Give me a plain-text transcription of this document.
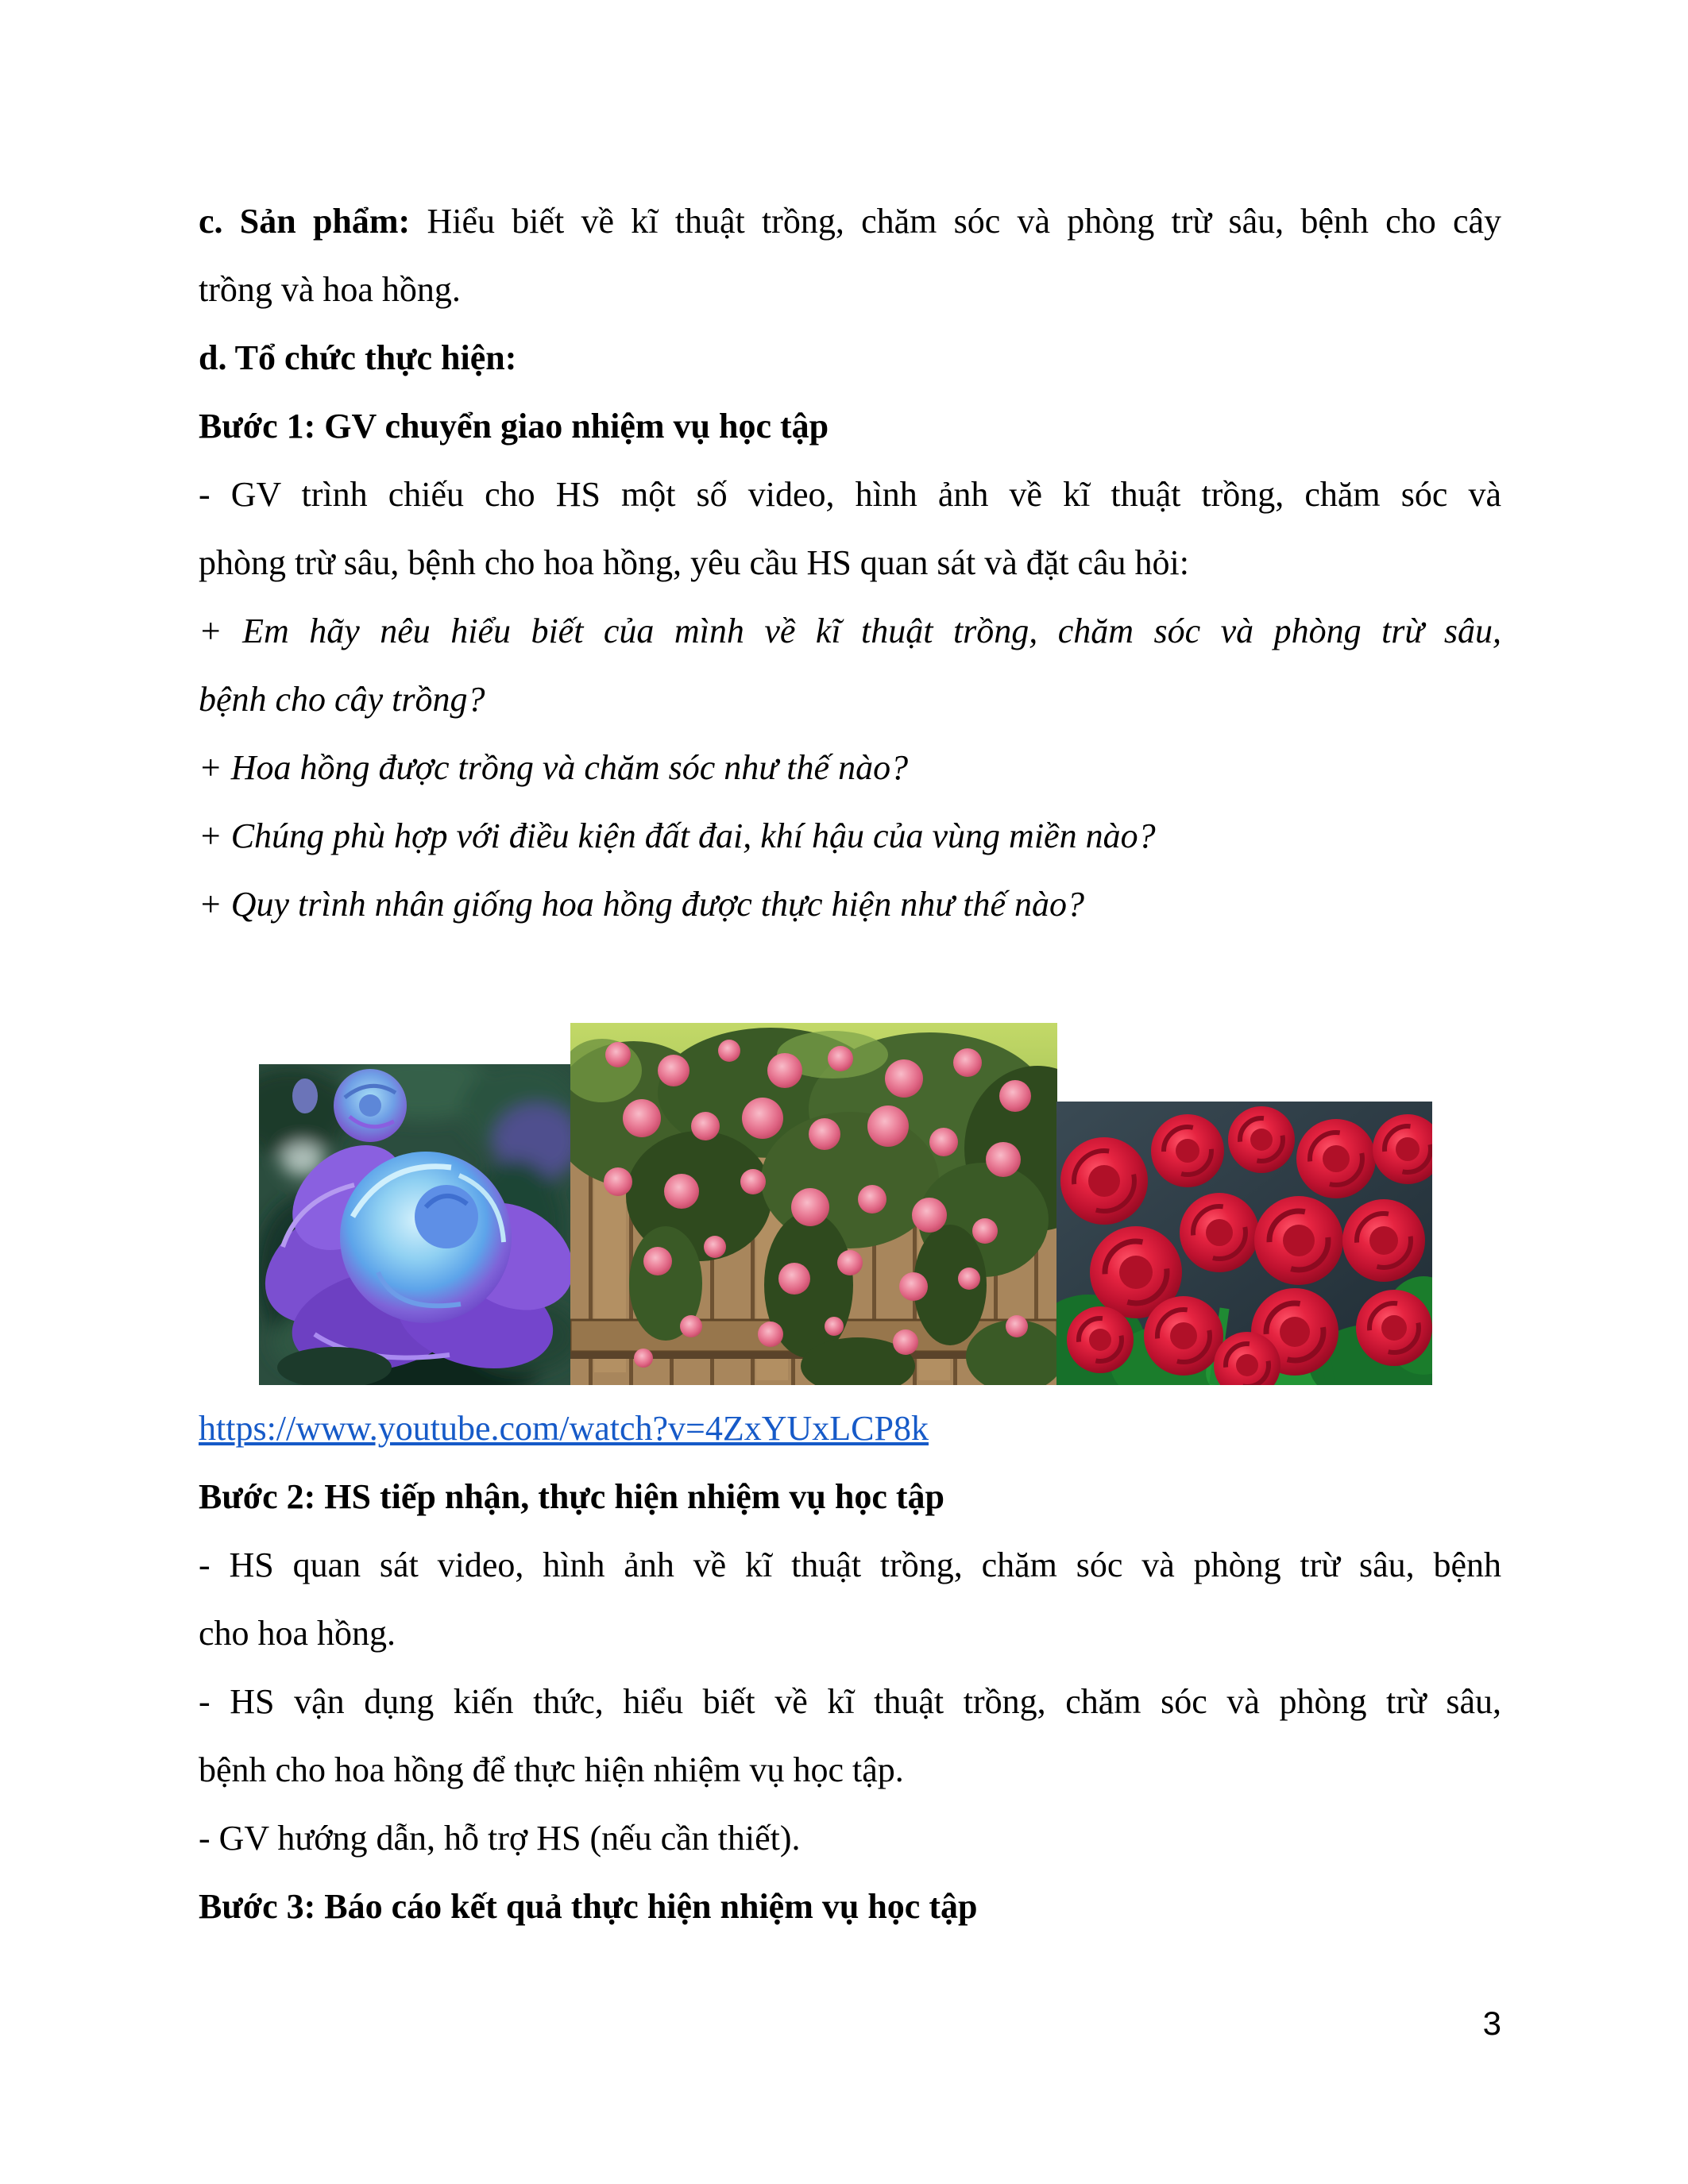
c. Sản phẩm: Hiểu biết về kĩ thuật trồng, chăm sóc và phòng trừ sâu, bệnh cho cây
trồng và hoa hồng.
d. Tổ chức thực hiện:
Bước 1: GV chuyển giao nhiệm vụ học tập
- GV trình chiếu cho HS một số video, hình ảnh về kĩ thuật trồng, chăm sóc và
phòng trừ sâu, bệnh cho hoa hồng, yêu cầu HS quan sát và đặt câu hỏi:
+ Em hãy nêu hiểu biết của mình về kĩ thuật trồng, chăm sóc và phòng trừ sâu,
bệnh cho cây trồng?
+ Hoa hồng được trồng và chăm sóc như thế nào?
+ Chúng phù hợp với điều kiện đất đai, khí hậu của vùng miền nào?
+ Quy trình nhân giống hoa hồng được thực hiện như thế nào?
https://www.youtube.com/watch?v=4ZxYUxLCP8k
Bước 2: HS tiếp nhận, thực hiện nhiệm vụ học tập
- HS quan sát video, hình ảnh về kĩ thuật trồng, chăm sóc và phòng trừ sâu, bệnh
cho hoa hồng.
- HS vận dụng kiến thức, hiểu biết về kĩ thuật trồng, chăm sóc và phòng trừ sâu,
bệnh cho hoa hồng để thực hiện nhiệm vụ học tập.
- GV hướng dẫn, hỗ trợ HS (nếu cần thiết).
Bước 3: Báo cáo kết quả thực hiện nhiệm vụ học tập
3
